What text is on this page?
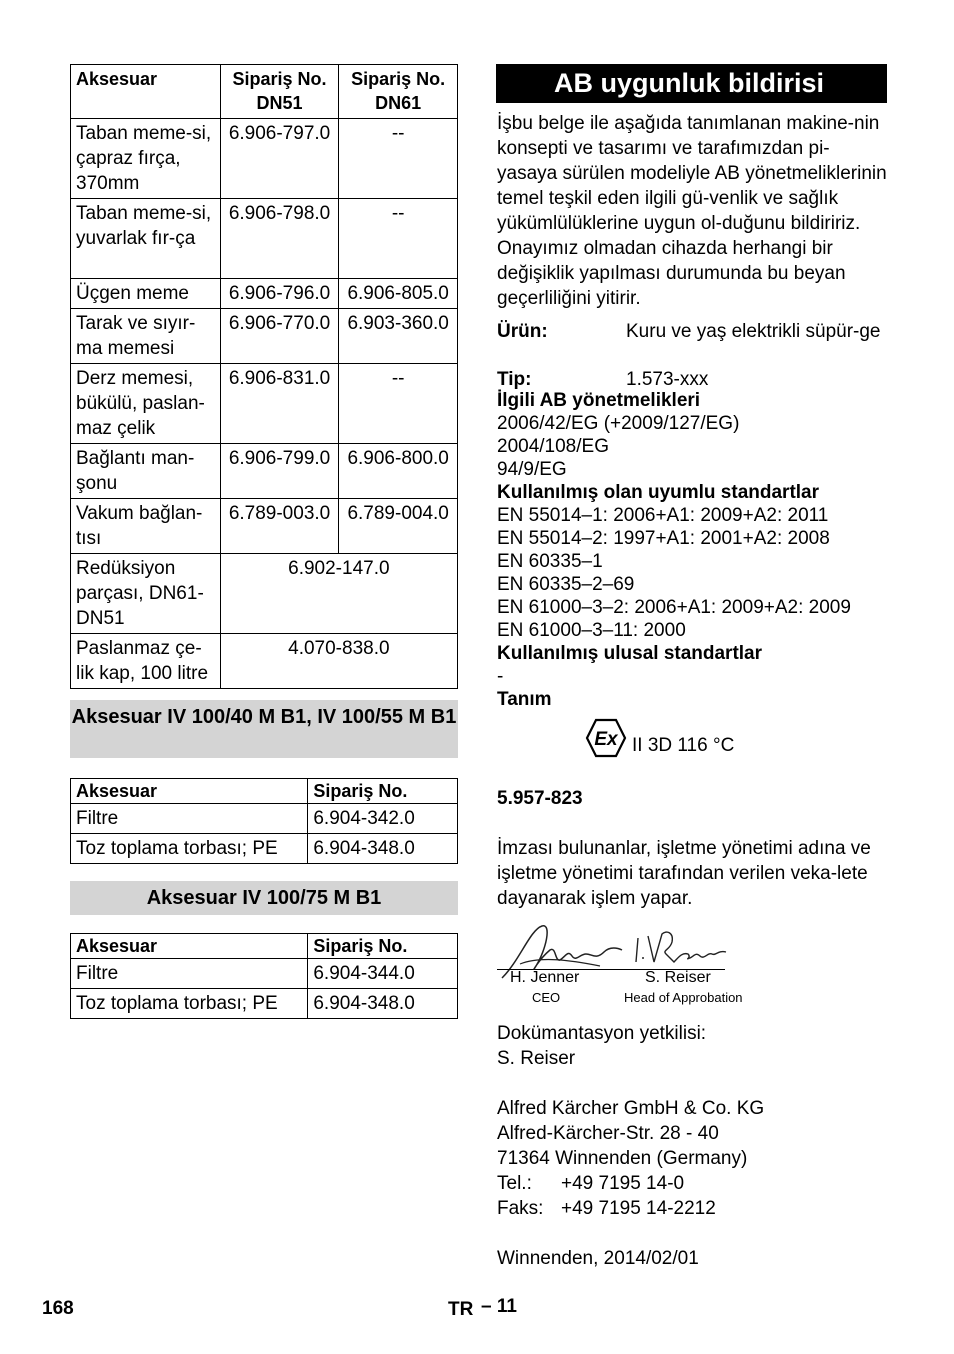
Aksesuar	Sipariş No. DN51	Sipariş No. DN61
Taban meme-si, çapraz fırça, 370mm	6.906-797.0	--
Taban meme-si, yuvarlak fır-ça	6.906-798.0	--
Üçgen meme	6.906-796.0	6.906-805.0
Tarak ve sıyır-ma memesi	6.906-770.0	6.903-360.0
Derz memesi, bükülü, paslan-maz çelik	6.906-831.0	--
Bağlantı man-şonu	6.906-799.0	6.906-800.0
Vakum bağlan-tısı	6.789-003.0	6.789-004.0
Redüksiyon parçası, DN61-DN51	6.902-147.0	
Paslanmaz çe-lik kap, 100 litre	4.070-838.0	
Aksesuar IV 100/40 M B1, IV 100/55 M B1
Aksesuar	Sipariş No.
Filtre	6.904-342.0
Toz toplama torbası; PE	6.904-348.0
Aksesuar IV 100/75 M B1
Aksesuar	Sipariş No.
Filtre	6.904-344.0
Toz toplama torbası; PE	6.904-348.0
AB uygunluk bildirisi
İşbu belge ile aşağıda tanımlanan makine-nin konsepti ve tasarımı ve tarafımızdan pi-yasaya sürülen modeliyle AB yönetmeliklerinin temel teşkil eden ilgili gü-venlik ve sağlık yükümlülüklerine uygun ol-duğunu bildiririz. Onayımız olmadan cihazda herhangi bir değişiklik yapılması durumunda bu beyan geçerliliğini yitirir.
Ürün:	Kuru ve yaş elektrikli süpür-ge
Tip:	1.573-xxx
İlgili AB yönetmelikleri
2006/42/EG (+2009/127/EG)
2004/108/EG
94/9/EG
Kullanılmış olan uyumlu standartlar
EN 55014–1: 2006+A1: 2009+A2: 2011
EN 55014–2: 1997+A1: 2001+A2: 2008
EN 60335–1
EN 60335–2–69
EN 61000–3–2: 2006+A1: 2009+A2: 2009
EN 61000–3–11: 2000
Kullanılmış ulusal standartlar
-
Tanım
Ex II 3D 116 °C
5.957-823
İmzası bulunanlar, işletme yönetimi adına ve işletme yönetimi tarafından verilen veka-lete dayanarak işlem yapar.
H. Jenner
CEO
S. Reiser
Head of Approbation
Dokümantasyon yetkilisi:
S. Reiser
Alfred Kärcher GmbH & Co. KG
Alfred-Kärcher-Str. 28 - 40
71364 Winnenden (Germany)
Tel.: +49 7195 14-0
Faks: +49 7195 14-2212
Winnenden, 2014/02/01
168	TR – 11
